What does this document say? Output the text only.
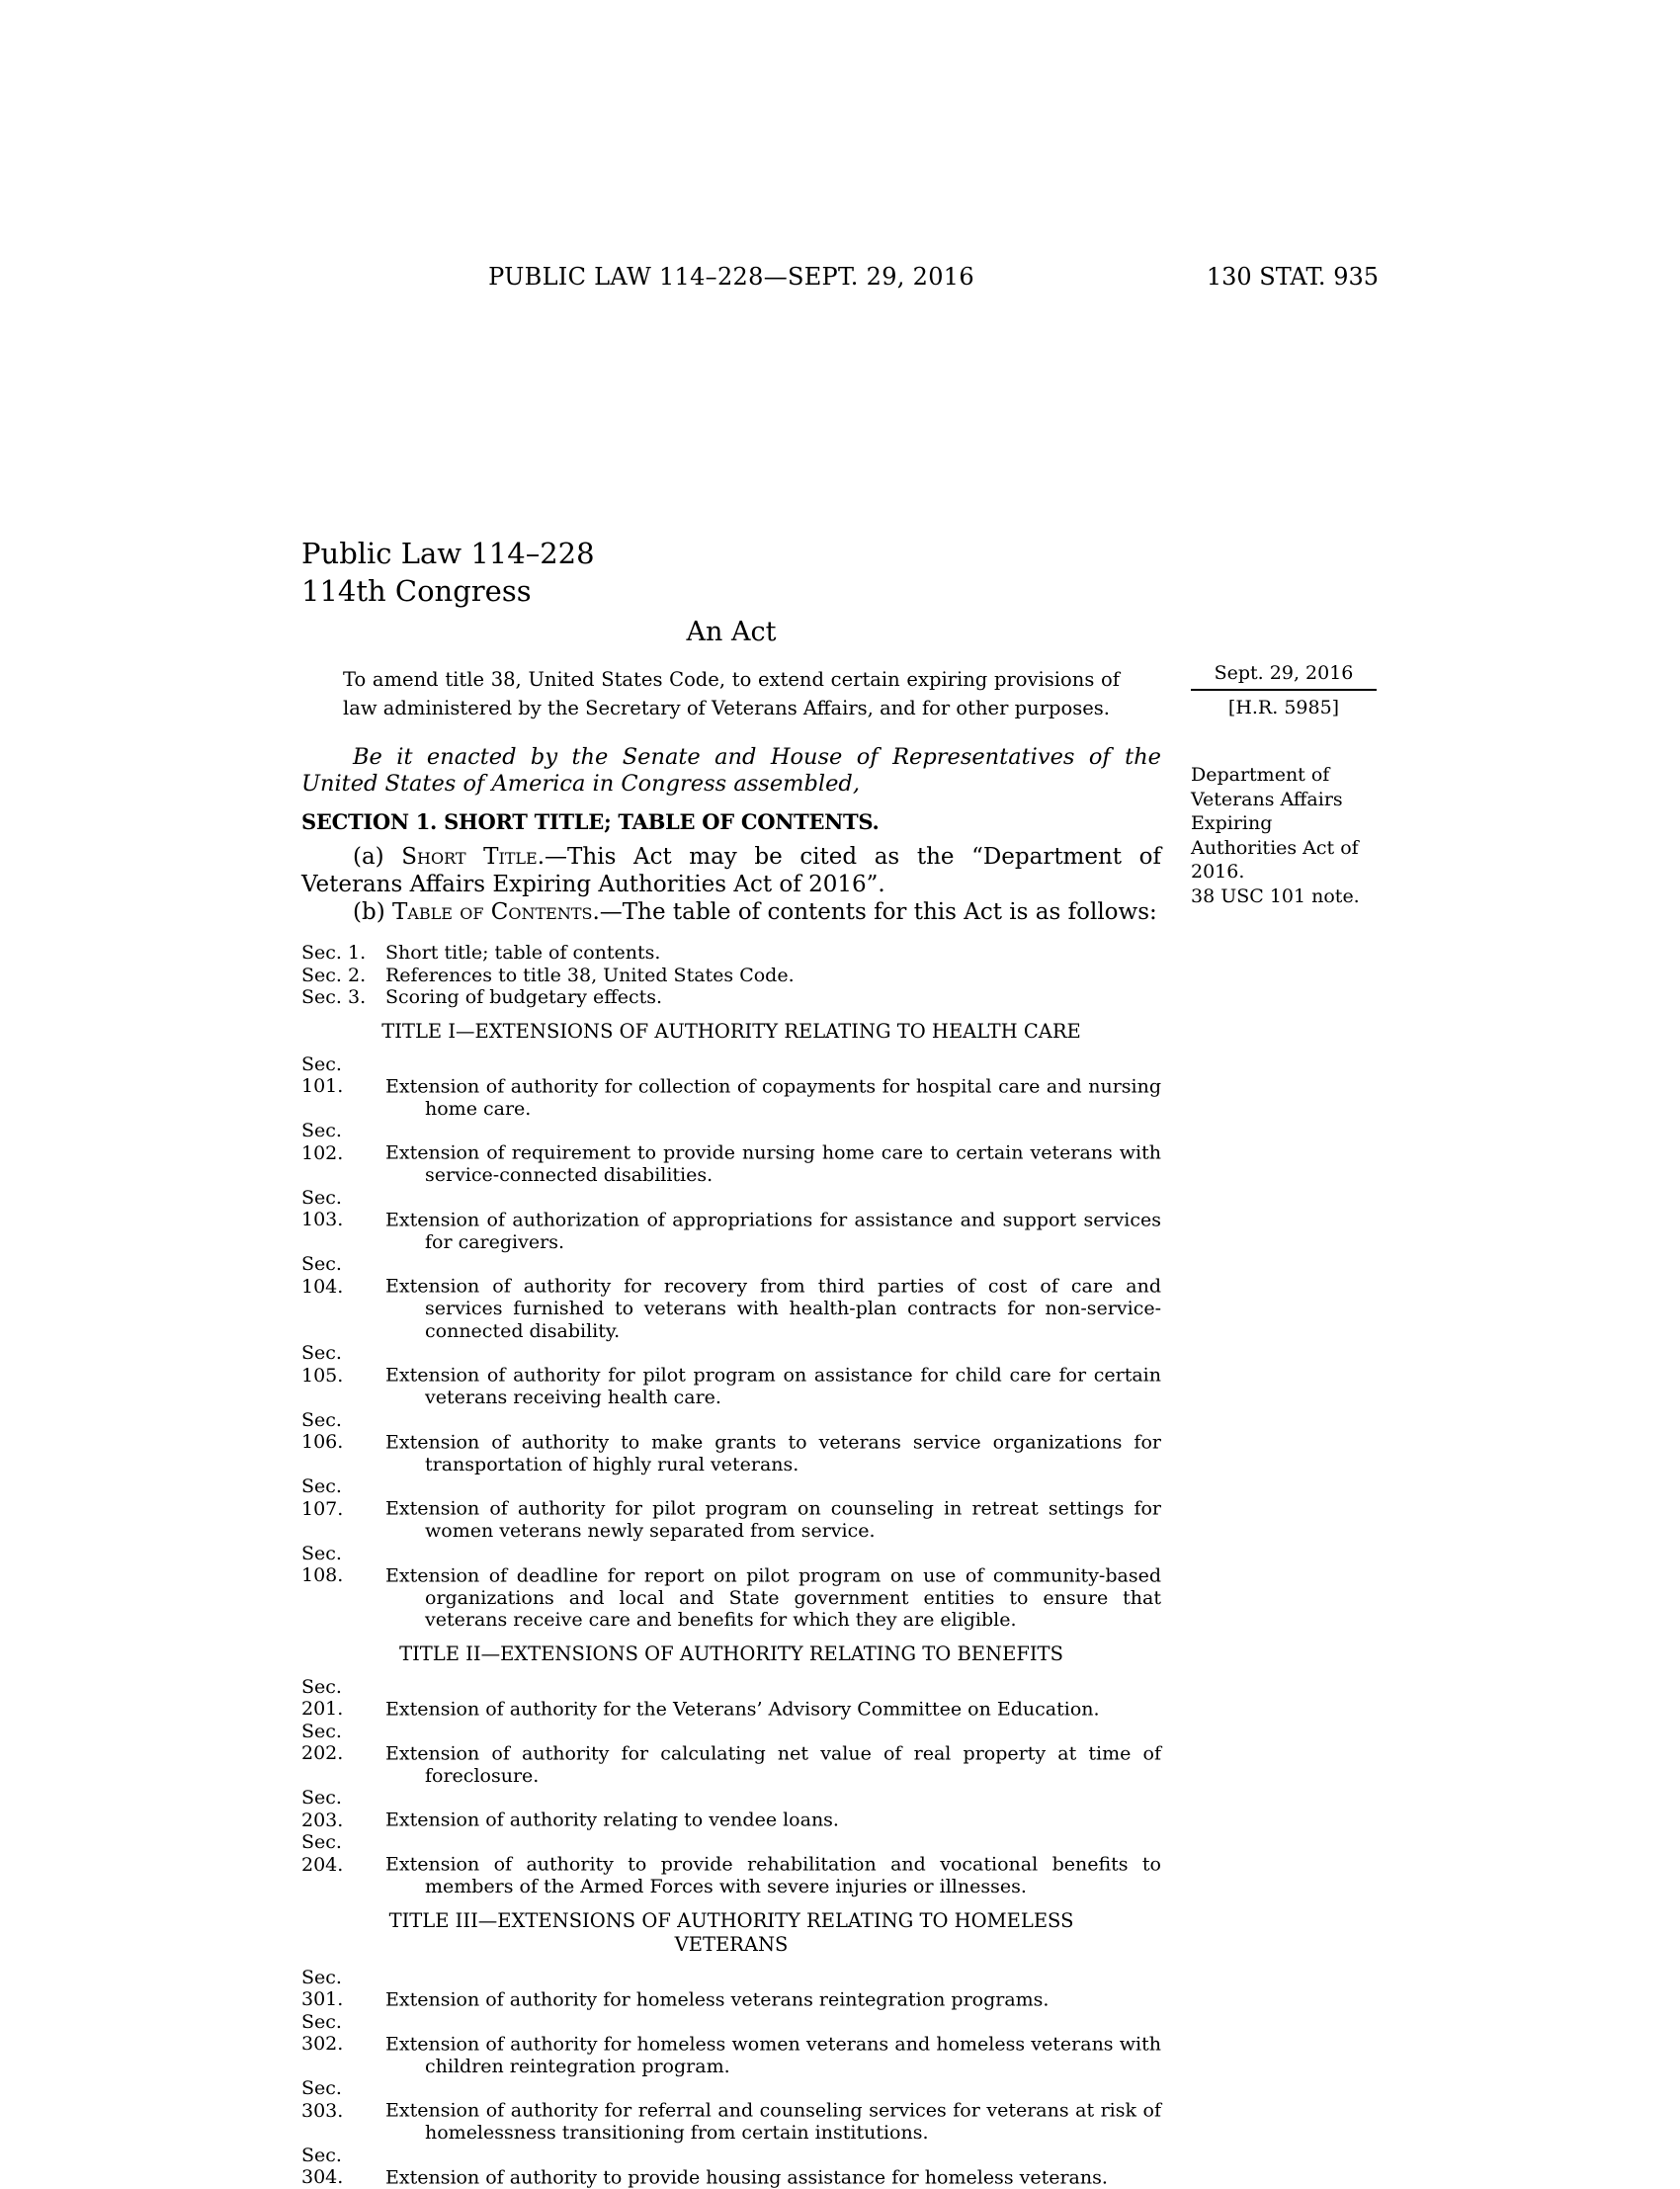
PUBLIC LAW 114–228—SEPT. 29, 2016	130 STAT. 935
Public Law 114–228
114th Congress
An Act

To amend title 38, United States Code, to extend certain expiring provisions of law administered by the Secretary of Veterans Affairs, and for other purposes.

Be it enacted by the Senate and House of Representatives of the United States of America in Congress assembled,

SECTION 1. SHORT TITLE; TABLE OF CONTENTS.

(a) Short Title.—This Act may be cited as the “Department of Veterans Affairs Expiring Authorities Act of 2016”.

(b) Table of Contents.—The table of contents for this Act is as follows:

Sec. 1. Short title; table of contents.
Sec. 2. References to title 38, United States Code.
Sec. 3. Scoring of budgetary effects.
TITLE I—EXTENSIONS OF AUTHORITY RELATING TO HEALTH CARE
Sec. 101. Extension of authority for collection of copayments for hospital care and nursing home care.
Sec. 102. Extension of requirement to provide nursing home care to certain veterans with service-connected disabilities.
Sec. 103. Extension of authorization of appropriations for assistance and support services for caregivers.
Sec. 104. Extension of authority for recovery from third parties of cost of care and services furnished to veterans with health-plan contracts for non-service-connected disability.
Sec. 105. Extension of authority for pilot program on assistance for child care for certain veterans receiving health care.
Sec. 106. Extension of authority to make grants to veterans service organizations for transportation of highly rural veterans.
Sec. 107. Extension of authority for pilot program on counseling in retreat settings for women veterans newly separated from service.
Sec. 108. Extension of deadline for report on pilot program on use of community-based organizations and local and State government entities to ensure that veterans receive care and benefits for which they are eligible.
TITLE II—EXTENSIONS OF AUTHORITY RELATING TO BENEFITS
Sec. 201. Extension of authority for the Veterans’ Advisory Committee on Education.
Sec. 202. Extension of authority for calculating net value of real property at time of foreclosure.
Sec. 203. Extension of authority relating to vendee loans.
Sec. 204. Extension of authority to provide rehabilitation and vocational benefits to members of the Armed Forces with severe injuries or illnesses.
TITLE III—EXTENSIONS OF AUTHORITY RELATING TO HOMELESS
VETERANS
Sec. 301. Extension of authority for homeless veterans reintegration programs.
Sec. 302. Extension of authority for homeless women veterans and homeless veterans with children reintegration program.
Sec. 303. Extension of authority for referral and counseling services for veterans at risk of homelessness transitioning from certain institutions.
Sec. 304. Extension of authority to provide housing assistance for homeless veterans.
Sept. 29, 2016
[H.R. 5985]
Department of Veterans Affairs Expiring Authorities Act of 2016.
38 USC 101 note.
